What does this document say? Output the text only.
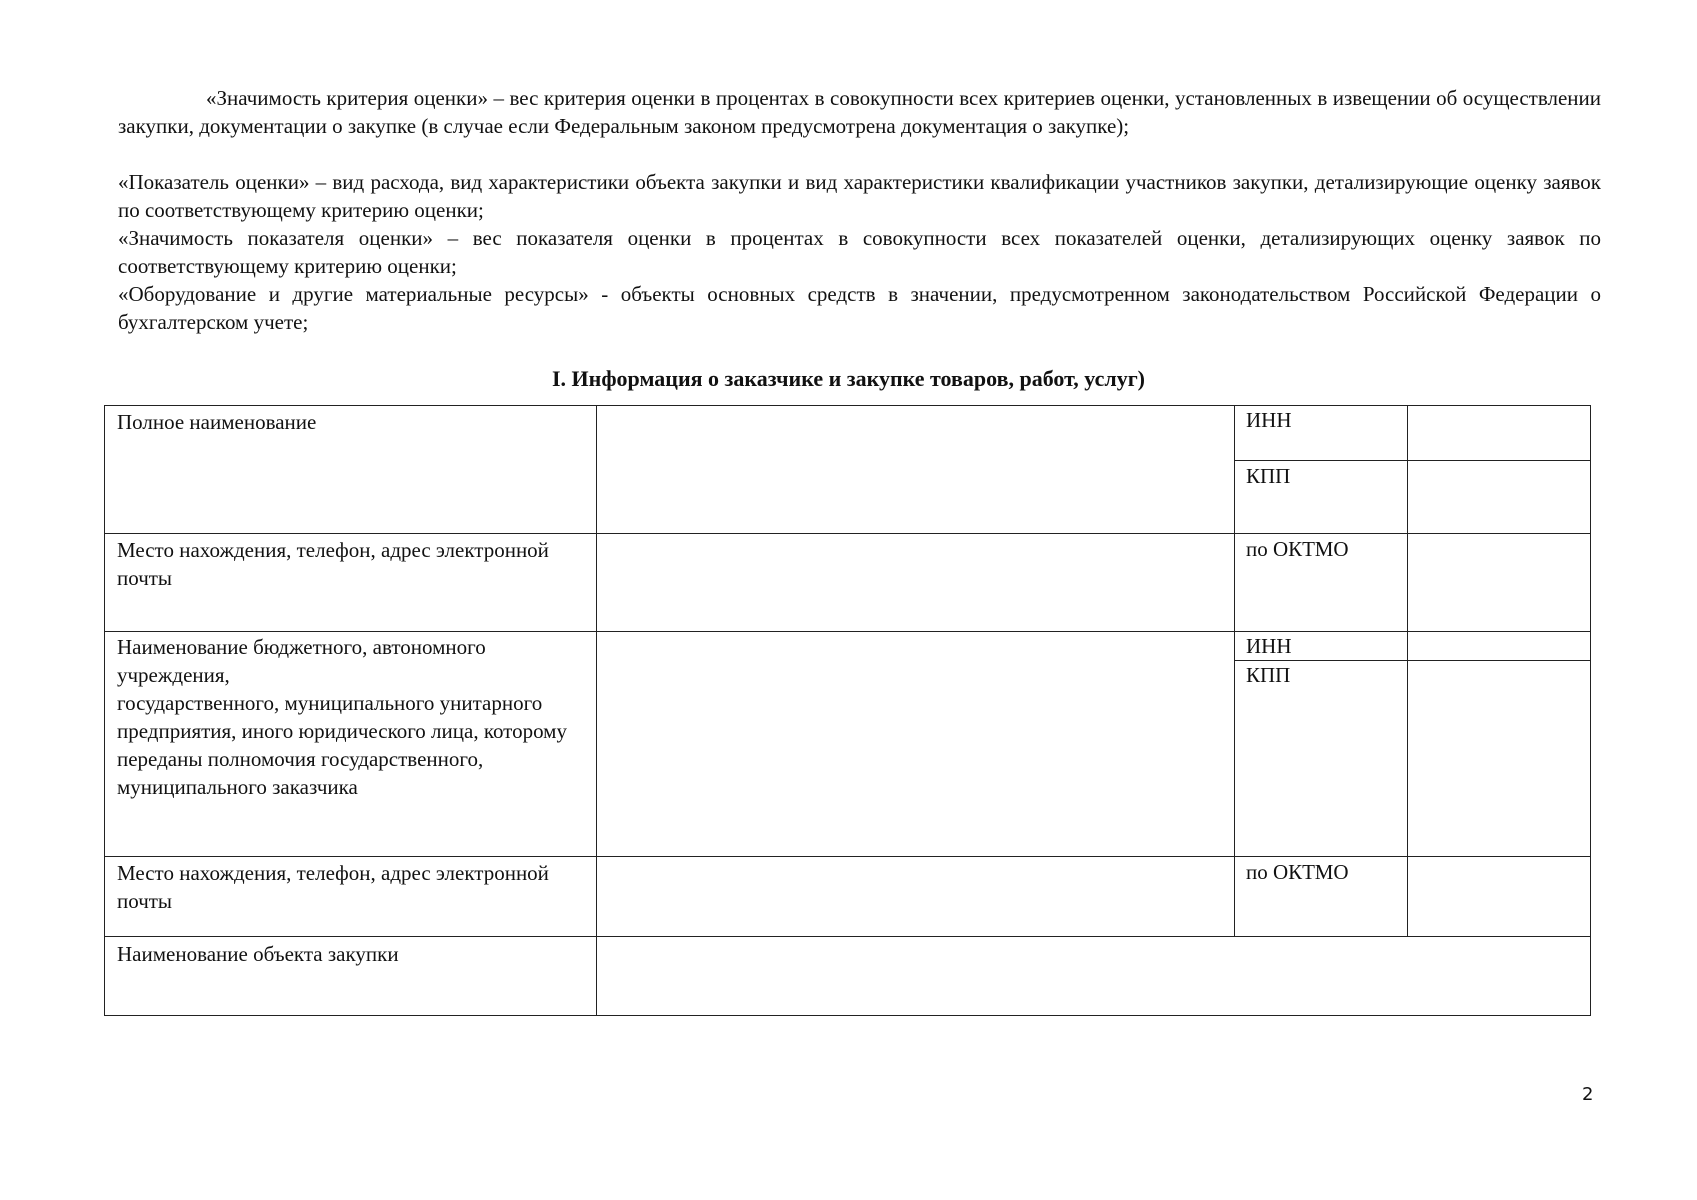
«Значимость критерия оценки» – вес критерия оценки в процентах в совокупности всех критериев оценки, установленных в извещении об осуществлении закупки, документации о закупке (в случае если Федеральным законом предусмотрена документация о закупке);

«Показатель оценки» – вид расхода, вид характеристики объекта закупки и вид характеристики квалификации участников закупки, детализирующие оценку заявок по соответствующему критерию оценки;

«Значимость показателя оценки» – вес показателя оценки в процентах в совокупности всех показателей оценки, детализирующих оценку заявок по соответствующему критерию оценки;

«Оборудование и другие материальные ресурсы» - объекты основных средств в значении, предусмотренном законодательством Российской Федерации о бухгалтерском учете;

I. Информация о заказчике и закупке товаров, работ, услуг)

Полное наименование	ИНН

КПП

Место нахождения, телефон, адрес электронной почты

по ОКТМО

Наименование бюджетного, автономного учреждения,
государственного, муниципального унитарного предприятия, иного юридического лица, которому переданы полномочия государственного, муниципального заказчика

ИНН

КПП

Место нахождения, телефон, адрес электронной почты

по ОКТМО

Наименование объекта закупки

2
